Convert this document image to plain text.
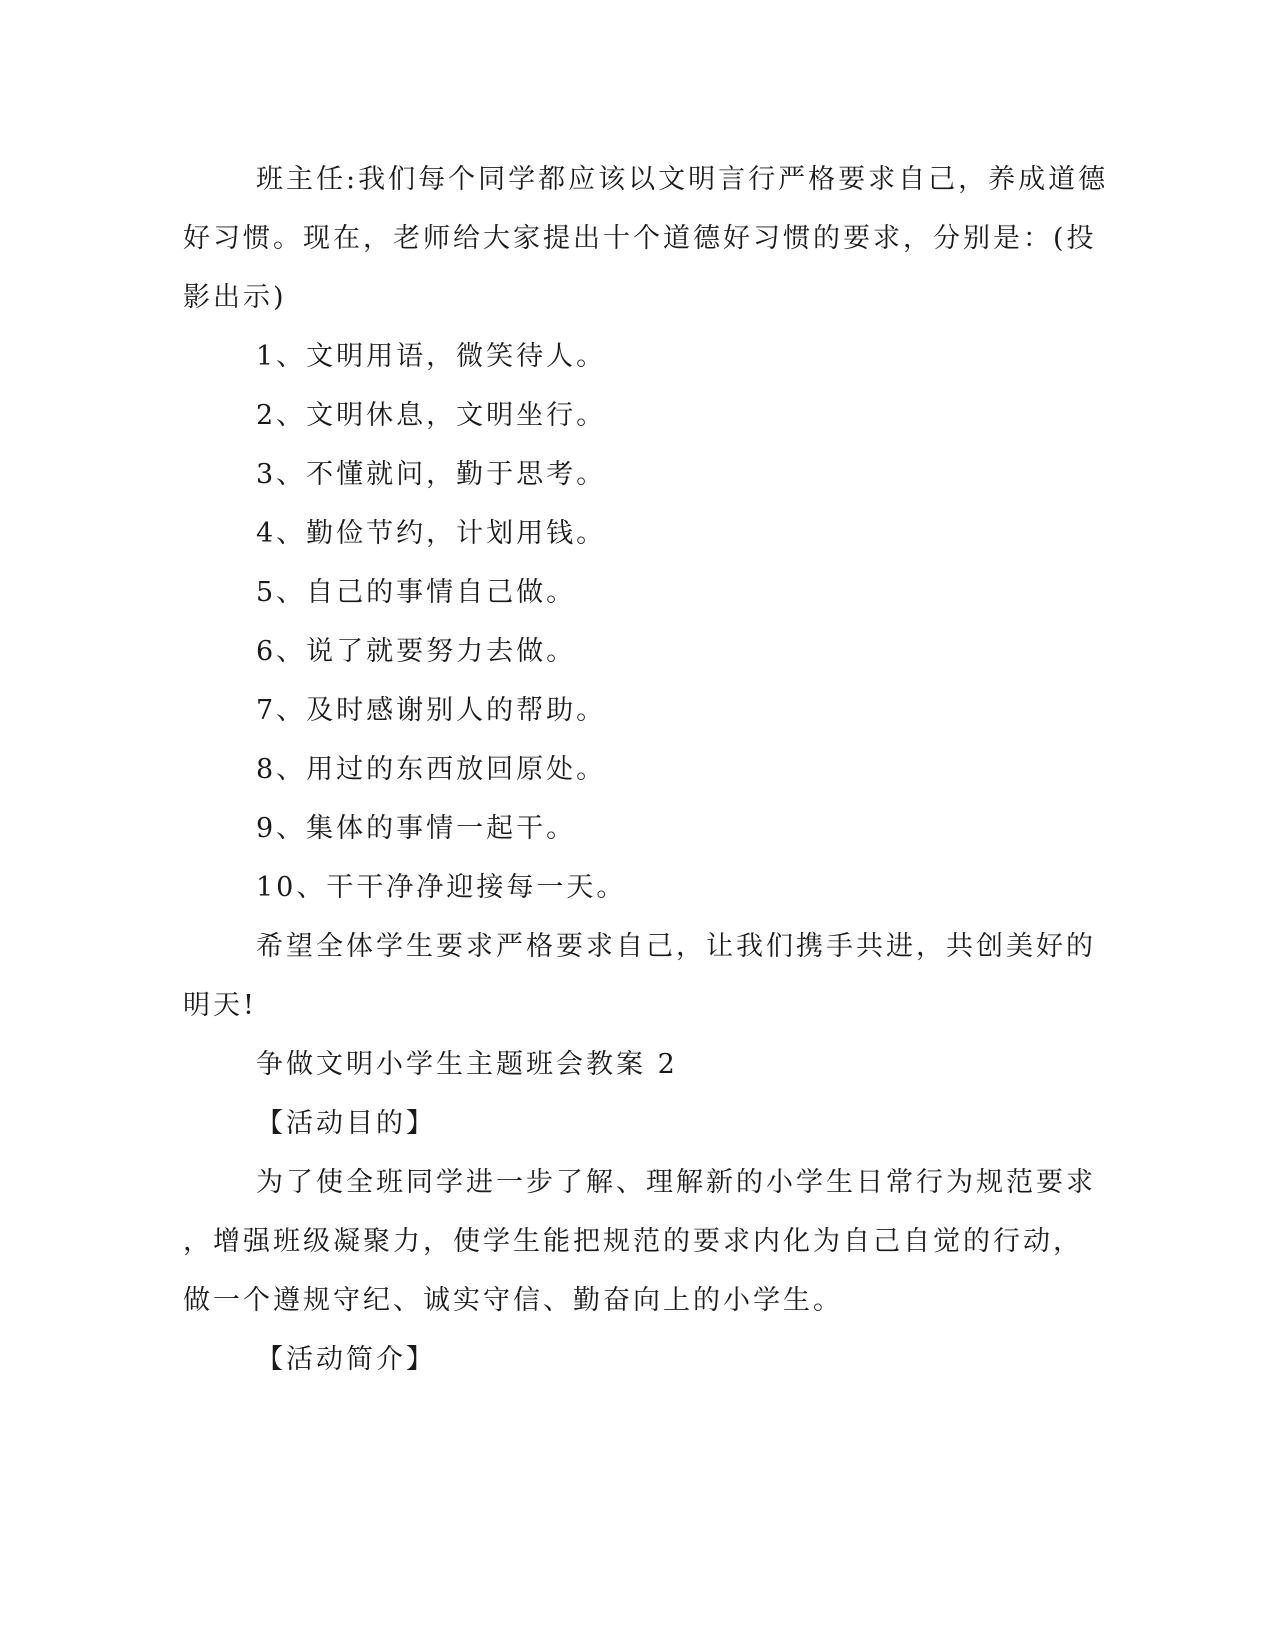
班主任:我们每个同学都应该以文明言行严格要求自己，养成道德
好习惯。现在，老师给大家提出十个道德好习惯的要求，分别是：(投
影出示)
1、文明用语，微笑待人。
2、文明休息，文明坐行。
3、不懂就问，勤于思考。
4、勤俭节约，计划用钱。
5、自己的事情自己做。
6、说了就要努力去做。
7、及时感谢别人的帮助。
8、用过的东西放回原处。
9、集体的事情一起干。
10、干干净净迎接每一天。
希望全体学生要求严格要求自己，让我们携手共进，共创美好的
明天!
争做文明小学生主题班会教案 2
【活动目的】
为了使全班同学进一步了解、理解新的小学生日常行为规范要求
，增强班级凝聚力，使学生能把规范的要求内化为自己自觉的行动，
做一个遵规守纪、诚实守信、勤奋向上的小学生。
【活动简介】
